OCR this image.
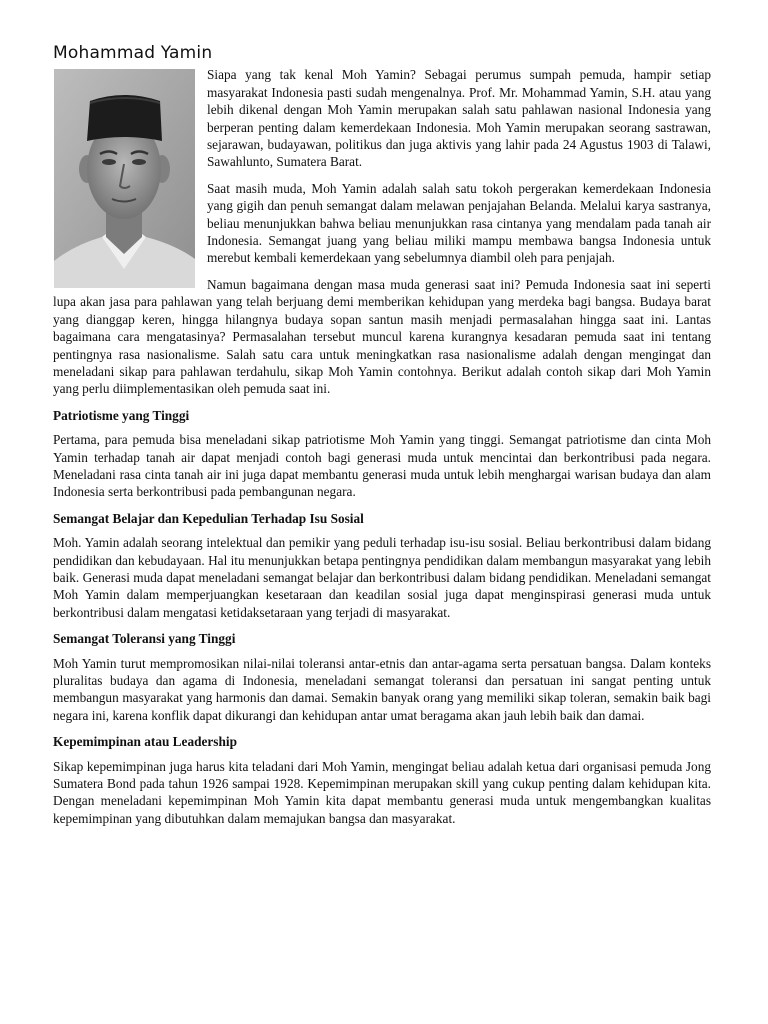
Mohammad Yamin

Siapa yang tak kenal Moh Yamin? Sebagai perumus sumpah pemuda, hampir setiap masyarakat Indonesia pasti sudah mengenalnya. Prof. Mr. Mohammad Yamin, S.H. atau yang lebih dikenal dengan Moh Yamin merupakan salah satu pahlawan nasional Indonesia yang berperan penting dalam kemerdekaan Indonesia. Moh Yamin merupakan seorang sastrawan, sejarawan, budayawan, politikus dan juga aktivis yang lahir pada 24 Agustus 1903 di Talawi, Sawahlunto, Sumatera Barat.

Saat masih muda, Moh Yamin adalah salah satu tokoh pergerakan kemerdekaan Indonesia yang gigih dan penuh semangat dalam melawan penjajahan Belanda. Melalui karya sastranya, beliau menunjukkan bahwa beliau menunjukkan rasa cintanya yang mendalam pada tanah air Indonesia. Semangat juang yang beliau miliki mampu membawa bangsa Indonesia untuk merebut kembali kemerdekaan yang sebelumnya diambil oleh para penjajah.

Namun bagaimana dengan masa muda generasi saat ini? Pemuda Indonesia saat ini seperti lupa akan jasa para pahlawan yang telah berjuang demi memberikan kehidupan yang merdeka bagi bangsa. Budaya barat yang dianggap keren, hingga hilangnya budaya sopan santun masih menjadi permasalahan hingga saat ini. Lantas bagaimana cara mengatasinya? Permasalahan tersebut muncul karena kurangnya kesadaran pemuda saat ini tentang pentingnya rasa nasionalisme. Salah satu cara untuk meningkatkan rasa nasionalisme adalah dengan mengingat dan meneladani sikap para pahlawan terdahulu, sikap Moh Yamin contohnya. Berikut adalah contoh sikap dari Moh Yamin yang perlu diimplementasikan oleh pemuda saat ini.

Patriotisme yang Tinggi

Pertama, para pemuda bisa meneladani sikap patriotisme Moh Yamin yang tinggi. Semangat patriotisme dan cinta Moh Yamin terhadap tanah air dapat menjadi contoh bagi generasi muda untuk mencintai dan berkontribusi pada negara. Meneladani rasa cinta tanah air ini juga dapat membantu generasi muda untuk lebih menghargai warisan budaya dan alam Indonesia serta berkontribusi pada pembangunan negara.

Semangat Belajar dan Kepedulian Terhadap Isu Sosial

Moh. Yamin adalah seorang intelektual dan pemikir yang peduli terhadap isu-isu sosial. Beliau berkontribusi dalam bidang pendidikan dan kebudayaan. Hal itu menunjukkan betapa pentingnya pendidikan dalam membangun masyarakat yang lebih baik. Generasi muda dapat meneladani semangat belajar dan berkontribusi dalam bidang pendidikan. Meneladani semangat Moh Yamin dalam memperjuangkan kesetaraan dan keadilan sosial juga dapat menginspirasi generasi muda untuk berkontribusi dalam mengatasi ketidaksetaraan yang terjadi di masyarakat.

Semangat Toleransi yang Tinggi

Moh Yamin turut mempromosikan nilai-nilai toleransi antar-etnis dan antar-agama serta persatuan bangsa. Dalam konteks pluralitas budaya dan agama di Indonesia, meneladani semangat toleransi dan persatuan ini sangat penting untuk membangun masyarakat yang harmonis dan damai. Semakin banyak orang yang memiliki sikap toleran, semakin baik bagi negara ini, karena konflik dapat dikurangi dan kehidupan antar umat beragama akan jauh lebih baik dan damai.

Kepemimpinan atau Leadership

Sikap kepemimpinan juga harus kita teladani dari Moh Yamin, mengingat beliau adalah ketua dari organisasi pemuda Jong Sumatera Bond pada tahun 1926 sampai 1928. Kepemimpinan merupakan skill yang cukup penting dalam kehidupan kita. Dengan meneladani kepemimpinan Moh Yamin kita dapat membantu generasi muda untuk mengembangkan kualitas kepemimpinan yang dibutuhkan dalam memajukan bangsa dan masyarakat.
